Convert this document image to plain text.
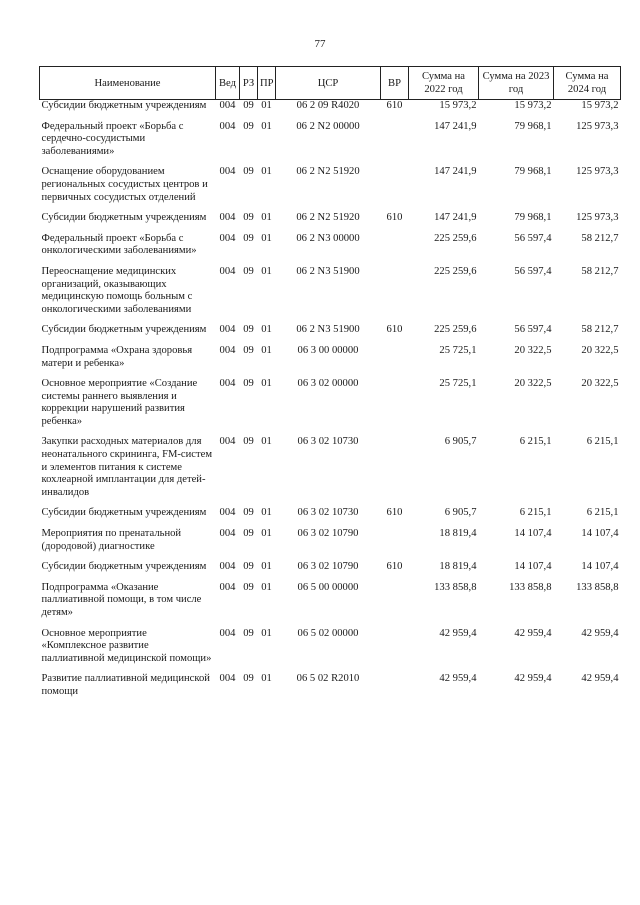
77
Наименование	Вед	РЗ	ПР	ЦСР	ВР	Сумма на 2022 год	Сумма на 2023 год	Сумма на 2024 год
Субсидии бюджетным учреждениям	004	09	01	06 2 09 R4020	610	15 973,2	15 973,2	15 973,2
Федеральный проект «Борьба с сердечно-сосудистыми заболеваниями»	004	09	01	06 2 N2 00000		147 241,9	79 968,1	125 973,3
Оснащение оборудованием региональных сосудистых центров и первичных сосудистых отделений	004	09	01	06 2 N2 51920		147 241,9	79 968,1	125 973,3
Субсидии бюджетным учреждениям	004	09	01	06 2 N2 51920	610	147 241,9	79 968,1	125 973,3
Федеральный проект «Борьба с онкологическими заболеваниями»	004	09	01	06 2 N3 00000		225 259,6	56 597,4	58 212,7
Переоснащение медицинских организаций, оказывающих медицинскую помощь больным с онкологическими заболеваниями	004	09	01	06 2 N3 51900		225 259,6	56 597,4	58 212,7
Субсидии бюджетным учреждениям	004	09	01	06 2 N3 51900	610	225 259,6	56 597,4	58 212,7
Подпрограмма «Охрана здоровья матери и ребенка»	004	09	01	06 3 00 00000		25 725,1	20 322,5	20 322,5
Основное мероприятие «Создание системы раннего выявления и коррекции нарушений развития ребенка»	004	09	01	06 3 02 00000		25 725,1	20 322,5	20 322,5
Закупки расходных материалов для неонатального скрининга, FM-систем и элементов питания к системе кохлеарной имплантации для детей-инвалидов	004	09	01	06 3 02 10730		6 905,7	6 215,1	6 215,1
Субсидии бюджетным учреждениям	004	09	01	06 3 02 10730	610	6 905,7	6 215,1	6 215,1
Мероприятия по пренатальной (дородовой) диагностике	004	09	01	06 3 02 10790		18 819,4	14 107,4	14 107,4
Субсидии бюджетным учреждениям	004	09	01	06 3 02 10790	610	18 819,4	14 107,4	14 107,4
Подпрограмма «Оказание паллиативной помощи, в том числе детям»	004	09	01	06 5 00 00000		133 858,8	133 858,8	133 858,8
Основное мероприятие «Комплексное развитие паллиативной медицинской помощи»	004	09	01	06 5 02 00000		42 959,4	42 959,4	42 959,4
Развитие паллиативной медицинской помощи	004	09	01	06 5 02 R2010		42 959,4	42 959,4	42 959,4
